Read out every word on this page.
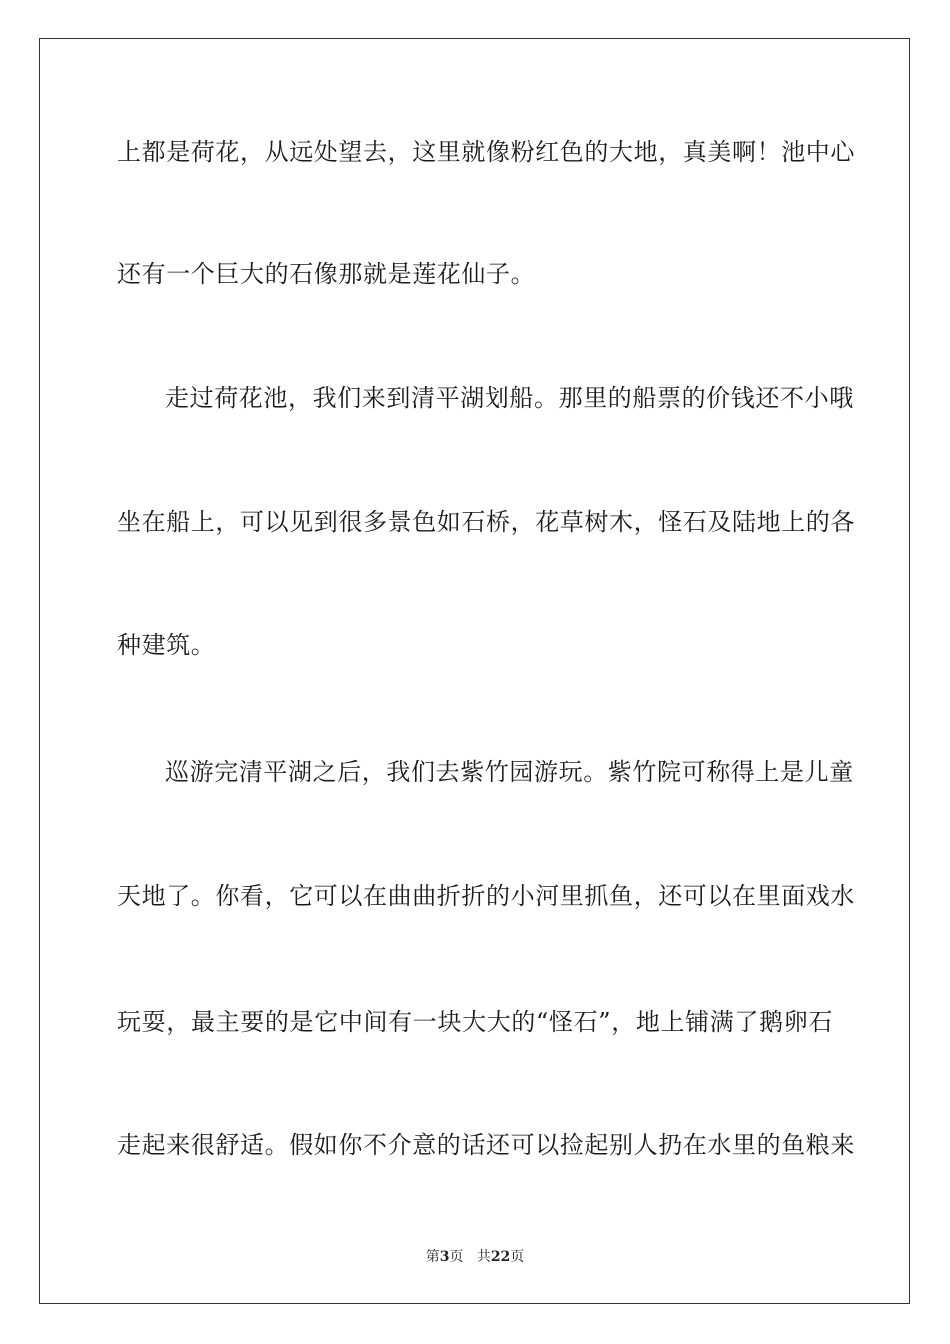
上都是荷花，从远处望去，这里就像粉红色的大地，真美啊！池中心
还有一个巨大的石像那就是莲花仙子。
走过荷花池，我们来到清平湖划船。那里的船票的价钱还不小哦
坐在船上，可以见到很多景色如石桥，花草树木，怪石及陆地上的各
种建筑。
巡游完清平湖之后，我们去紫竹园游玩。紫竹院可称得上是儿童
天地了。你看，它可以在曲曲折折的小河里抓鱼，还可以在里面戏水
玩耍，最主要的是它中间有一块大大的“怪石”，地上铺满了鹅卵石
走起来很舒适。假如你不介意的话还可以捡起别人扔在水里的鱼粮来
第3页 共22页
